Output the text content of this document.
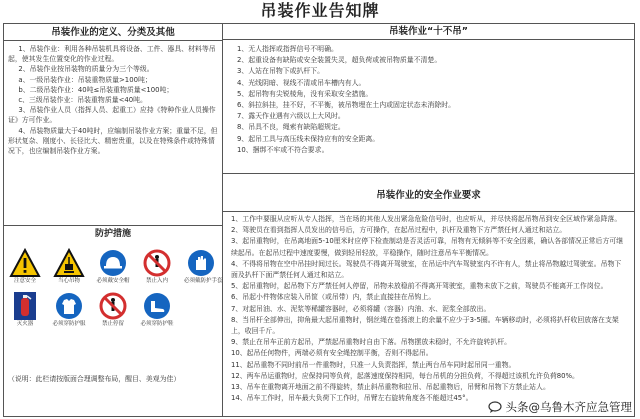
吊装作业告知牌
吊装作业的定义、分类及其他

1、吊装作业：利用各种吊装机具将设备、工件、器具、材料等吊起，使其发生位置变化的作业过程。

2、吊装作业按吊装物的质量分为三个等级。

a、一级吊装作业：吊装重物质量>100吨；

b、二级吊装作业：40吨≤吊装重物质量<100吨；

c、三级吊装作业：吊装重物质量<40吨。

3、吊装作业人员（指挥人员、起重工）应持《特种作业人员操作证》方可作业。

4、吊装物质量大于40吨时，应编制吊装作业方案；重量不足，但形状复杂、刚度小、长径比大、精密贵重，以及在特殊条件或特殊情况下，也应编制吊装作业方案。

防护措施
注意安全	当心吊物	必须戴安全帽	禁止入内	必须戴防护手套
灭火器	必须穿防护服	禁止停留	必须穿防护鞋
（说明：此栏请按版面合理调整布局，醒目、美观为佳）
吊装作业“十不吊”

1、无人指挥或指挥信号不明确。

2、起重设备有缺陷或安全装置失灵，超负荷或被吊物质量不清楚。

3、人站在吊物下或扒杆下。

4、光线阴暗、视线不清或吊车槽内有人。

5、起吊物有尖锐棱角，没有采取安全措施。

6、斜拉斜挂，挂不好，不平衡，被吊物埋在土内或固定状态未消除时。

7、露天作业遇有六级以上大风时。

8、吊具不良，绳索有缺陷超规定。

9、起吊工具与高压线未保持应有的安全距离。

10、捆绑不牢或不符合要求。

吊装作业的安全作业要求

1、工作中要服从应听从专人指挥，当在场的其他人发出紧急危险信号时，也应听从，并尽快将起吊物吊到安全区域作紧急降落。

2、驾驶员在看到指挥人员发出的信号后，方可操作，在起吊过程中，扒杆及重物下方严禁任何人通过和站立。

3、起吊重物时，在吊离地面5-10厘米时应停下检查制动是否灵活可靠，吊物有无倾斜等不安全因素，确认各部情况正常后方可继续起吊。在起吊过程中速度要慢，做到轻吊轻放，平稳操作，随时注意吊车平衡情况。

4、不得将吊物在空中吊挂时间过长。驾驶员不得离开驾驶室，在吊运中汽车驾驶室内不许有人，禁止将吊物越过驾驶室。吊物下面及扒杆下面严禁任何人通过和站立。

5、起吊重物时，起吊物下方严禁任何人停留，吊物未放稳前不得离开驾驶室，重物未放下之前，驾驶员不能离开工作岗位。

6、吊起小件物体应装入吊筐（或吊带）内，禁止直接挂在吊钩上。

7、对起吊油、水、泥浆等稀罐容器时，必须将罐（容器）内油、水、泥浆全部放出。

8、当吊杆全部伸出，抑角最大起吊重物时，钢丝绳在卷扬滚上的余量不应少于3-5圈。车辆移动时，必须将扒杆收回放落在支架上，收回千斤。

9、禁止在吊车正前方起吊，严禁起吊重物时自由下落。吊物摆放未稳时，不允许旋转扒杆。

10、起吊任何物件，两端必须有安全绳控制平衡，否则不得起吊。

11、起吊重物不同时前吊一件重物时，只准一人负责指挥，禁止两台吊车同时起吊同一重物。

12、两车吊运重物时，应保持同等负荷，起落速度保持相同，每台吊机的分担负荷，不得超过该机允许负荷80%。

13、吊车在重物离开地面之前不得旋转，禁止斜吊重物和拉吊、吊起重物后，吊臂和吊物下方禁止站人。

14、吊车工作时，吊车最大负荷下工作时，吊臂左右旋转角度各不能超过45°。

头条@乌鲁木齐应急管理
